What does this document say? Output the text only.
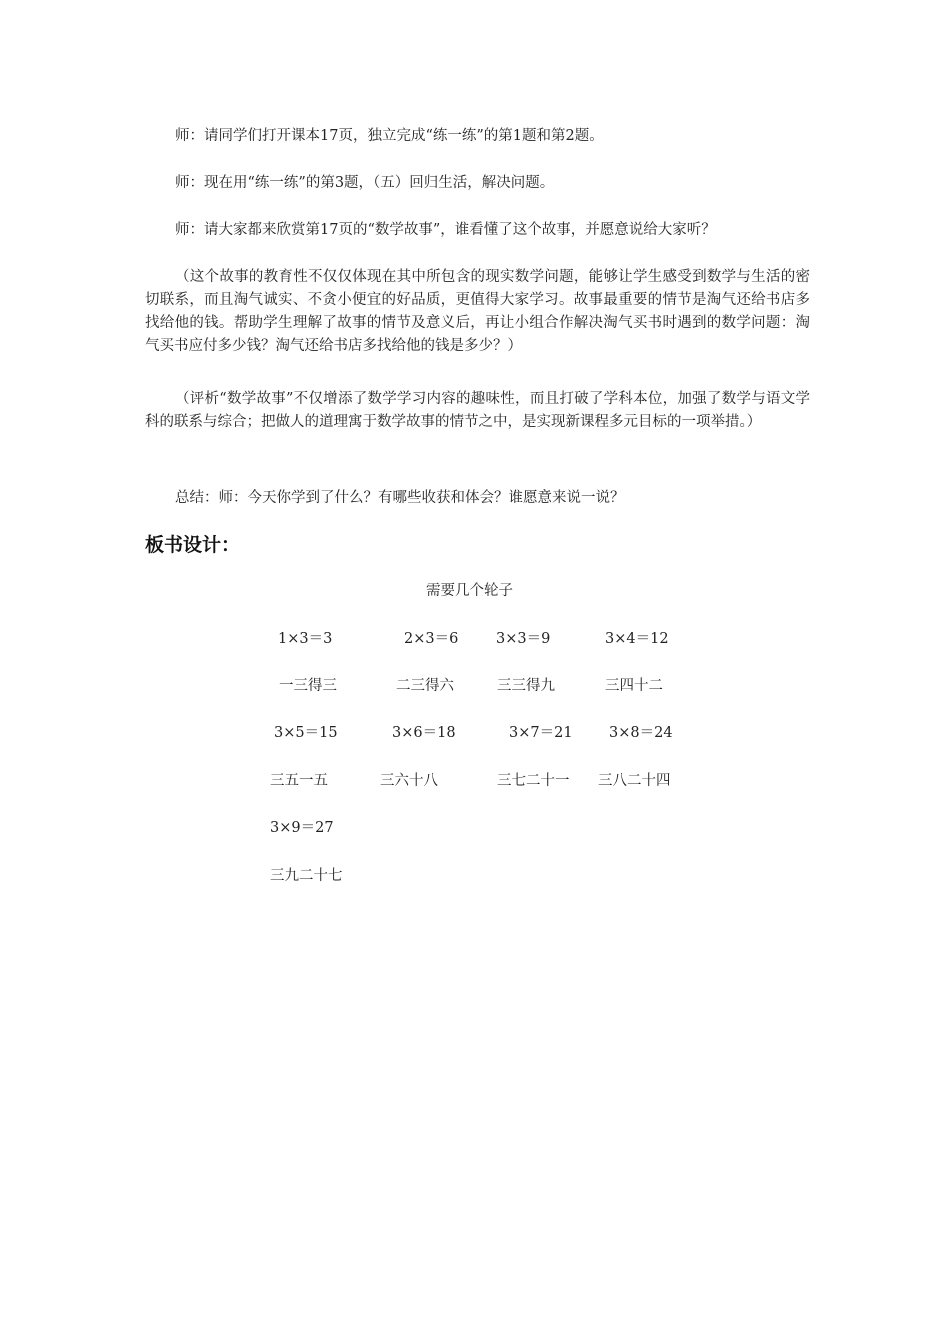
师：请同学们打开课本17页，独立完成“练一练”的第1题和第2题。

师：现在用“练一练”的第3题，（五）回归生活，解决问题。

师：请大家都来欣赏第17页的“数学故事”，谁看懂了这个故事，并愿意说给大家听？

（这个故事的教育性不仅仅体现在其中所包含的现实数学问题，能够让学生感受到数学与生活的密切联系，而且淘气诚实、不贪小便宜的好品质，更值得大家学习。故事最重要的情节是淘气还给书店多找给他的钱。帮助学生理解了故事的情节及意义后，再让小组合作解决淘气买书时遇到的数学问题：淘气买书应付多少钱？淘气还给书店多找给他的钱是多少？）

（评析“数学故事”不仅增添了数学学习内容的趣味性，而且打破了学科本位，加强了数学与语文学科的联系与综合；把做人的道理寓于数学故事的情节之中，是实现新课程多元目标的一项举措。）

总结：师：今天你学到了什么？有哪些收获和体会？谁愿意来说一说？

板书设计：
需要几个轮子
1×3＝3	2×3＝6	3×3＝9	3×4＝12
一三得三	二三得六	三三得九	三四十二
3×5＝15	3×6＝18	3×7＝21	3×8＝24
三五一五	三六十八	三七二十一 三八二十四
3×9＝27
三九二十七
